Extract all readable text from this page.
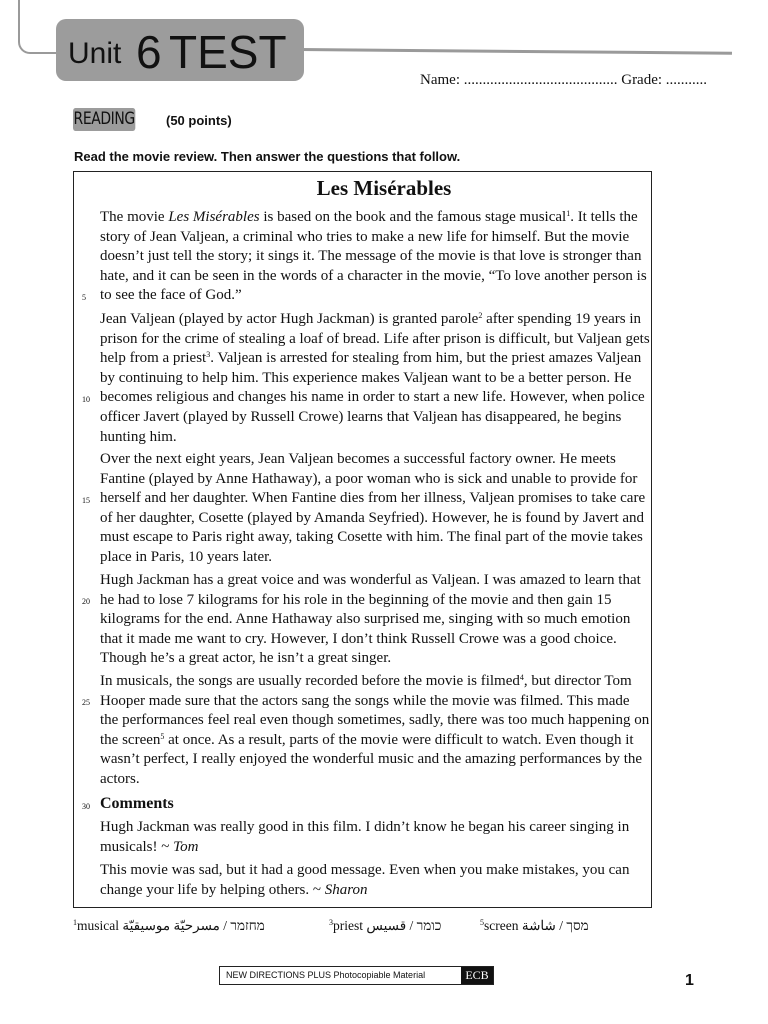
Unit 6 TEST
Name: ......................................... Grade: ...........
READING (50 points)
Read the movie review. Then answer the questions that follow.
Les Misérables

The movie Les Misérables is based on the book and the famous stage musical$^1$. It tells the story of Jean Valjean, a criminal who tries to make a new life for himself. But the movie doesn’t just tell the story; it sings it. The message of the movie is that love is stronger than hate, and it can be seen in the words of a character in the movie, “To love another person is to see the face of God.”

5

Jean Valjean (played by actor Hugh Jackman) is granted parole$^2$ after spending 19 years in prison for the crime of stealing a loaf of bread. Life after prison is difficult, but Valjean gets help from a priest$^3$. Valjean is arrested for stealing from him, but the priest amazes Valjean by continuing to help him. This experience makes Valjean want to be a better person. He becomes religious and changes his name in order to start a new life. However, when police officer Javert (played by Russell Crowe) learns that Valjean has disappeared, he begins hunting him.

10

Over the next eight years, Jean Valjean becomes a successful factory owner. He meets Fantine (played by Anne Hathaway), a poor woman who is sick and unable to provide for herself and her daughter. When Fantine dies from her illness, Valjean promises to take care of her daughter, Cosette (played by Amanda Seyfried). However, he is found by Javert and must escape to Paris right away, taking Cosette with him. The final part of the movie takes place in Paris, 10 years later.

15

Hugh Jackman has a great voice and was wonderful as Valjean. I was amazed to learn that he had to lose 7 kilograms for his role in the beginning of the movie and then gain 15 kilograms for the end. Anne Hathaway also surprised me, singing with so much emotion that it made me want to cry. However, I don’t think Russell Crowe was a good choice. Though he’s a great actor, he isn’t a great singer.

20

In musicals, the songs are usually recorded before the movie is filmed$^4$, but director Tom Hooper made sure that the actors sang the songs while the movie was filmed. This made the performances feel real even though sometimes, sadly, there was too much happening on the screen$^5$ at once. As a result, parts of the movie were difficult to watch. Even though it wasn’t perfect, I really enjoyed the wonderful music and the amazing performances by the actors.

25
30 Comments

Hugh Jackman was really good in this film. I didn’t know he began his career singing in musicals! ~ Tom

This movie was sad, but it had a good message. Even when you make mistakes, you can change your life by helping others. ~ Sharon

$^1$musical מחזמר / مسرحيّة موسيقيّة	$^3$priest כומר / قسيس	$^5$screen מסך / شاشة
NEW DIRECTIONS PLUS Photocopiable Material	ECB	1
